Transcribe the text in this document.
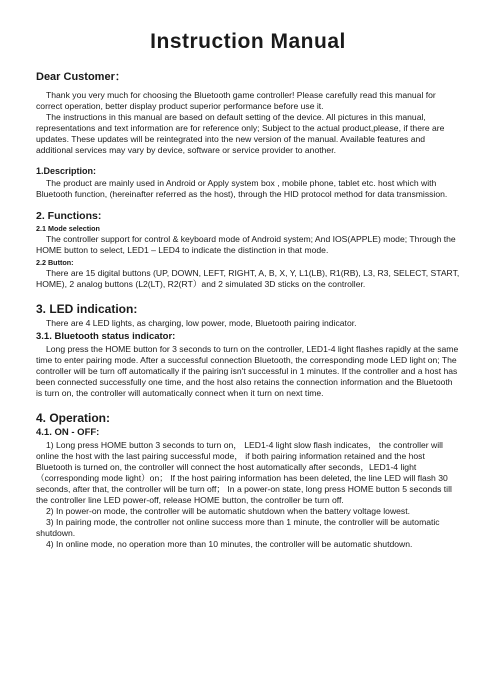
Instruction Manual
Dear Customer：

Thank you very much for choosing the Bluetooth game controller! Please carefully read this manual for correct operation, better display product superior performance before use it.

The instructions in this manual are based on default setting of the device. All pictures in this manual, representations and text information are for reference only; Subject to the actual product,please, if there are updates. These updates will be reintegrated into the new version of the manual. Available features and additional services may vary by device, software or service provider to another.

1.Description:

The product are mainly used in Android or Apply system box , mobile phone, tablet etc. host which with Bluetooth function, (hereinafter referred as the host), through the HID protocol method for data transmission.

2. Functions:
2.1 Mode selection

The controller support for control & keyboard mode of Android system; And IOS(APPLE) mode; Through the HOME button to select, LED1 – LED4 to indicate the distinction in that mode.

2.2 Button:

There are 15 digital buttons (UP, DOWN, LEFT, RIGHT, A, B, X, Y, L1(LB), R1(RB), L3, R3, SELECT, START, HOME), 2 analog buttons (L2(LT), R2(RT）and 2 simulated 3D sticks on the controller.

3. LED indication:

There are 4 LED lights, as charging, low power, mode, Bluetooth pairing indicator.

3.1. Bluetooth status indicator:

Long press the HOME button for 3 seconds to turn on the controller, LED1-4 light flashes rapidly at the same time to enter pairing mode. After a successful connection Bluetooth, the corresponding mode LED light on; The controller will be turn off automatically if the pairing isn't successful in 1 minutes. If the controller and a host has been connected successfully one time, and the host also retains the connection information and the Bluetooth is turn on, the controller will automatically connect when it turn on next time.

4. Operation:
4.1. ON - OFF:

1) Long press HOME button 3 seconds to turn on， LED1-4 light slow flash indicates， the controller will online the host with the last pairing successful mode， if both pairing information retained and the host Bluetooth is turned on, the controller will connect the host automatically after seconds，LED1-4 light（corresponding mode light）on； If the host pairing information has been deleted, the line LED will flash 30 seconds, after that, the controller will be turn off； In a power-on state, long press HOME button 5 seconds till the controller line LED power-off, release HOME button, the controller be turn off.

2) In power-on mode, the controller will be automatic shutdown when the battery voltage lowest.

3) In pairing mode, the controller not online success more than 1 minute, the controller will be automatic shutdown.

4) In online mode, no operation more than 10 minutes, the controller will be automatic shutdown.
